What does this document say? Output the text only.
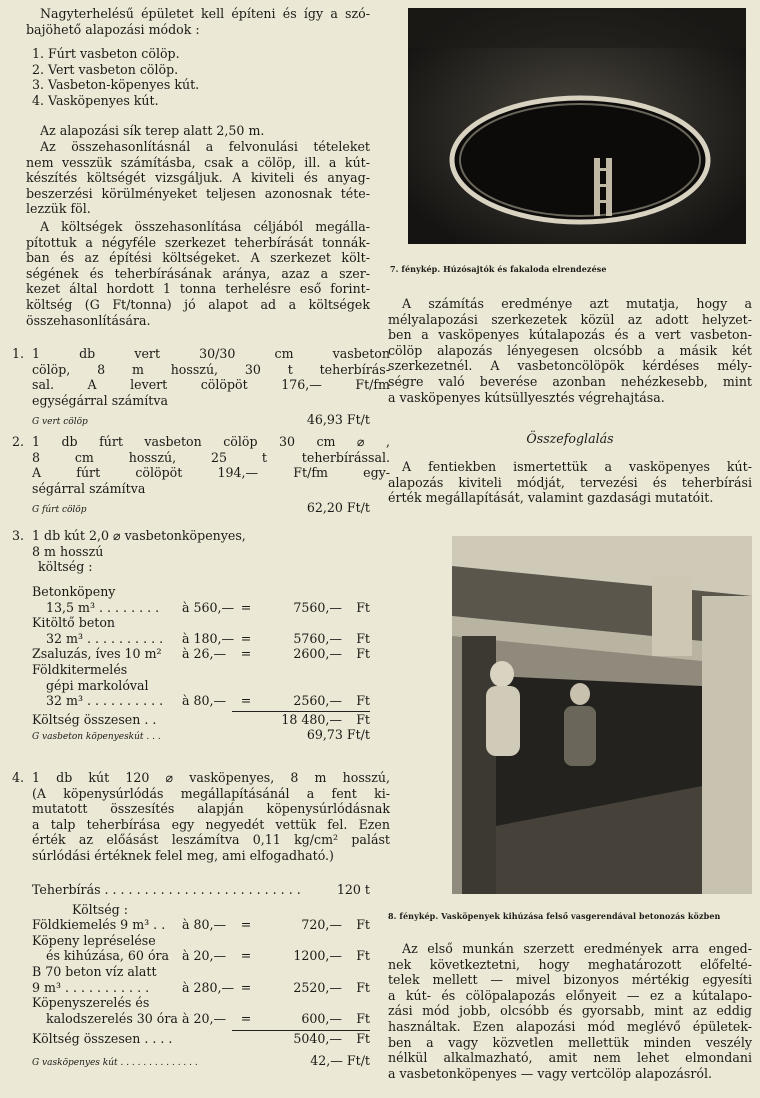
Nagyterhelésű épületet kell építeni és így a szó-

bajöhető alapozási módok :

1. Fúrt vasbeton cölöp.

2. Vert vasbeton cölöp.

3. Vasbeton-köpenyes kút.

4. Vasköpenyes kút.

Az alapozási sík terep alatt 2,50 m.

Az összehasonlításnál a felvonulási tételeket

nem vesszük számításba, csak a cölöp, ill. a kút-

készítés költségét vizsgáljuk. A kiviteli és anyag-

beszerzési körülményeket teljesen azonosnak téte-

lezzük föl.

A költségek összehasonlítása céljából megálla-

pítottuk a négyféle szerkezet teherbírását tonnák-

ban és az építési költségeket. A szerkezet költ-

ségének és teherbírásának aránya, azaz a szer-

kezet által hordott 1 tonna terhelésre eső forint-

költség (G Ft/tonna) jó alapot ad a költségek

összehasonlítására.

1. 1 db vert 30/30 cm vasbeton

cölöp, 8 m hosszú, 30 t teherbírás-

sal. A levert cölöpöt 176,— Ft/fm

egységárral számítva

G vert cölöp	46,93 Ft/t
2. 1 db fúrt vasbeton cölöp 30 cm ⌀ ,

8 cm hosszú, 25 t teherbírással.

A fúrt cölöpöt 194,— Ft/fm egy-

ségárral számítva

G fúrt cölöp	62,20 Ft/t
3. 1 db kút 2,0 ⌀ vasbetonköpenyes,

8 m hosszú

költség :

Betonköpeny
13,5 m³ . . . . . . . .	à 560,— =	7560,—	Ft
Kitöltő beton
32 m³ . . . . . . . . . .	à 180,— =	5760,—	Ft
Zsaluzás, íves 10 m²	à 26,—	=	2600,—	Ft
Földkitermelés
gépi markolóval
32 m³ . . . . . . . . . .	à 80,—	=	2560,—	Ft
Költség összesen . .	18 480,—	Ft
G vasbeton köpenyeskút . . .	69,73 Ft/t
4. 1 db kút 120 ⌀ vasköpenyes, 8 m hosszú,

(A köpenysúrlódás megállapításánál a fent ki-

mutatott összesítés alapján köpenysúrlódásnak

a talp teherbírása egy negyedét vettük fel. Ezen

érték az előásást leszámítva 0,11 kg/cm² palást

súrlódási értéknek felel meg, ami elfogadható.)

Teherbírás . . . . . . . . . . . . . . . . . . . . . . . . .	120 t
Költség :
Földkiemelés 9 m³ . .	à 80,—	=	720,—	Ft
Köpeny lepréselése
és kihúzása, 60 óra	à 20,—	=	1200,—	Ft
B 70 beton víz alatt
9 m³ . . . . . . . . . . .	à 280,— =	2520,—	Ft
Köpenyszerelés és
kalodszerelés 30 óra à 20,—	=	600,—	Ft
Költség összesen . . . .	5040,—	Ft
G vasköpenyes kút . . . . . . . . . . . . . .	42,— Ft/t
7. fénykép. Húzósajtók és fakaloda elrendezése

A számítás eredménye azt mutatja, hogy a

mélyalapozási szerkezetek közül az adott helyzet-

ben a vasköpenyes kútalapozás és a vert vasbeton-

cölöp alapozás lényegesen olcsóbb a másik két

szerkezetnél. A vasbetoncölöpök kérdéses mély-

ségre való beverése azonban nehézkesebb, mint

a vasköpenyes kútsüllyesztés végrehajtása.

Összefoglalás

A fentiekben ismertettük a vasköpenyes kút-

alapozás kiviteli módját, tervezési és teherbírási

érték megállapítását, valamint gazdasági mutatóit.

8. fénykép. Vasköpenyek kihúzása felső vasgerendával betonozás közben

Az első munkán szerzett eredmények arra enged-

nek következtetni, hogy meghatározott előfelté-

telek mellett — mivel bizonyos mértékig egyesíti

a kút- és cölöpalapozás előnyeit — ez a kútalapo-

zási mód jobb, olcsóbb és gyorsabb, mint az eddig

használtak. Ezen alapozási mód meglévő épületek-

ben a vagy közvetlen mellettük minden veszély

nélkül alkalmazható, amit nem lehet elmondani

a vasbetonköpenyes — vagy vertcölöp alapozásról.
